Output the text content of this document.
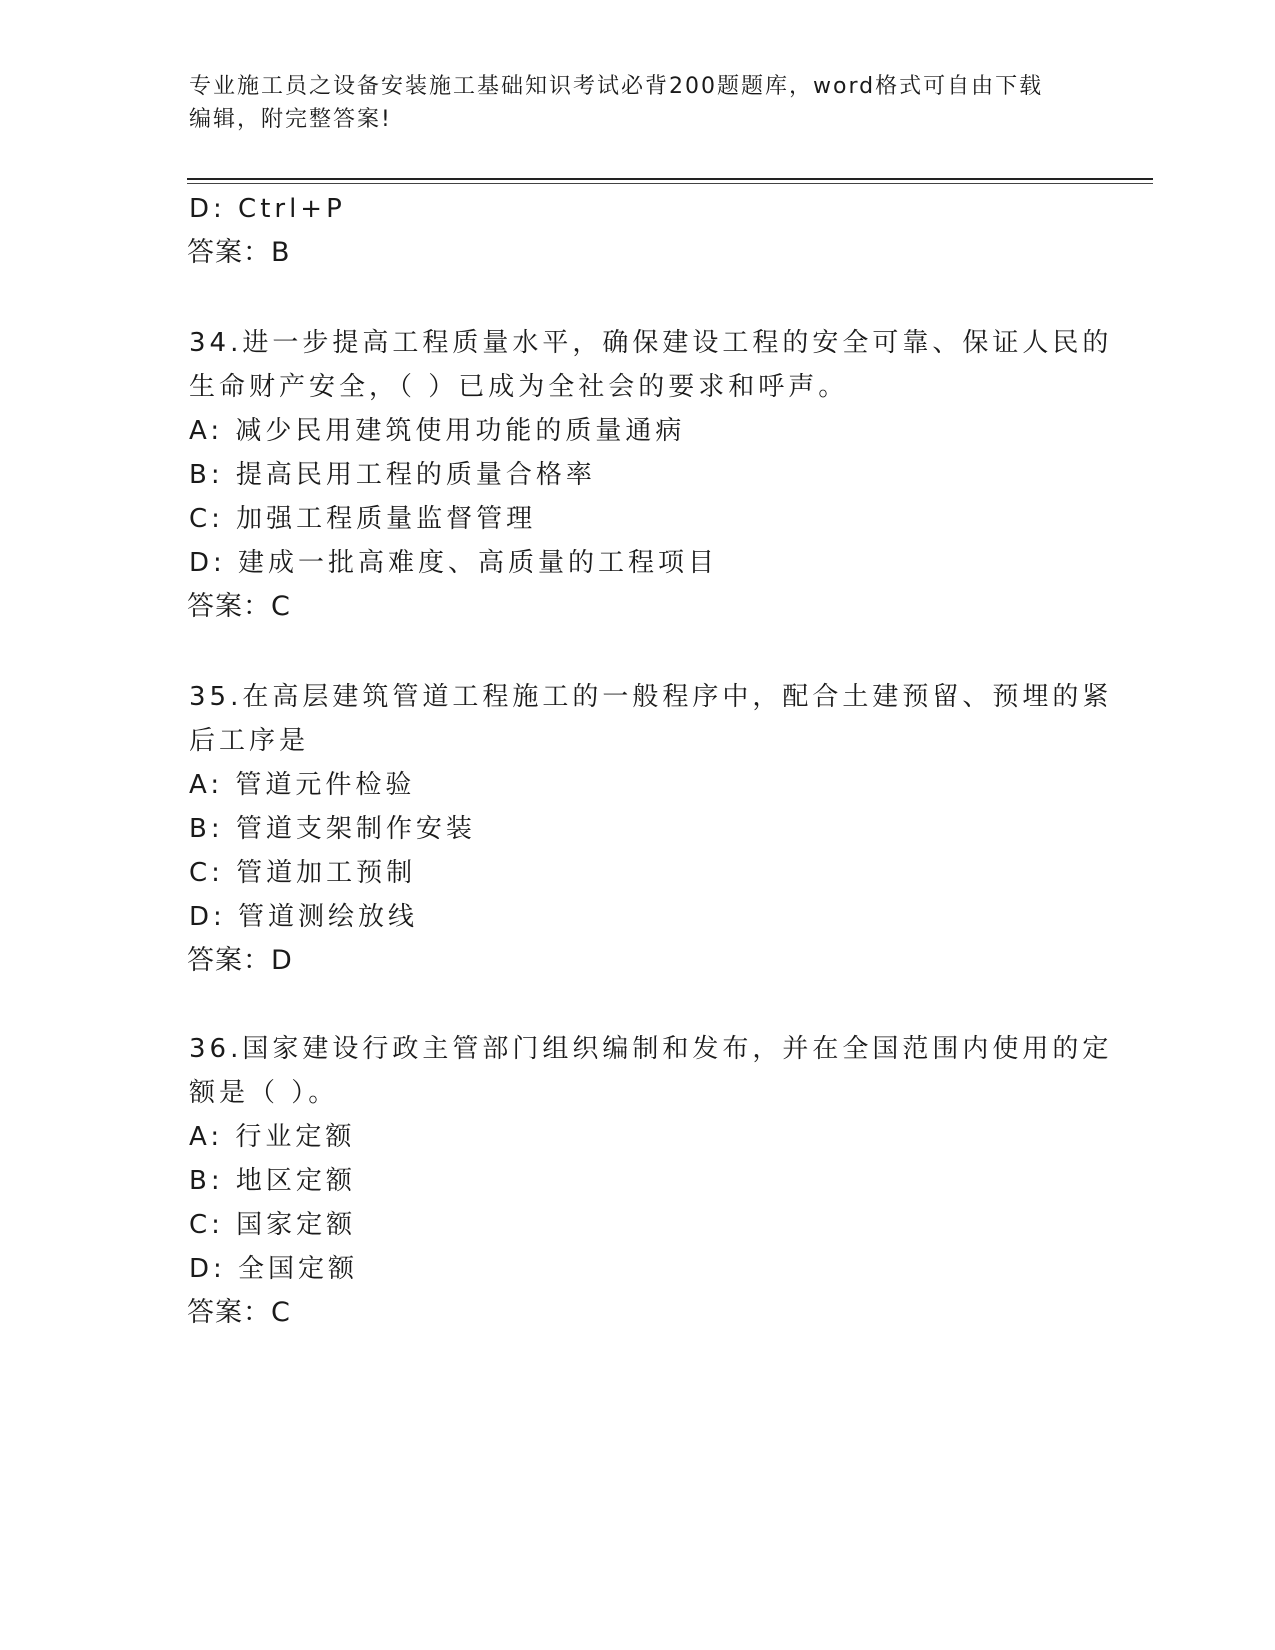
专业施工员之设备安装施工基础知识考试必背200题题库，word格式可自由下载
编辑，附完整答案!
D: Ctrl+P
答案：B
34.进一步提高工程质量水平，确保建设工程的安全可靠、保证人民的
生命财产安全，（ ）已成为全社会的要求和呼声。
A: 减少民用建筑使用功能的质量通病
B: 提高民用工程的质量合格率
C: 加强工程质量监督管理
D: 建成一批高难度、高质量的工程项目
答案：C
35.在高层建筑管道工程施工的一般程序中，配合土建预留、预埋的紧
后工序是
A: 管道元件检验
B: 管道支架制作安装
C: 管道加工预制
D: 管道测绘放线
答案：D
36.国家建设行政主管部门组织编制和发布，并在全国范围内使用的定
额是（ ）。
A: 行业定额
B: 地区定额
C: 国家定额
D: 全国定额
答案：C
